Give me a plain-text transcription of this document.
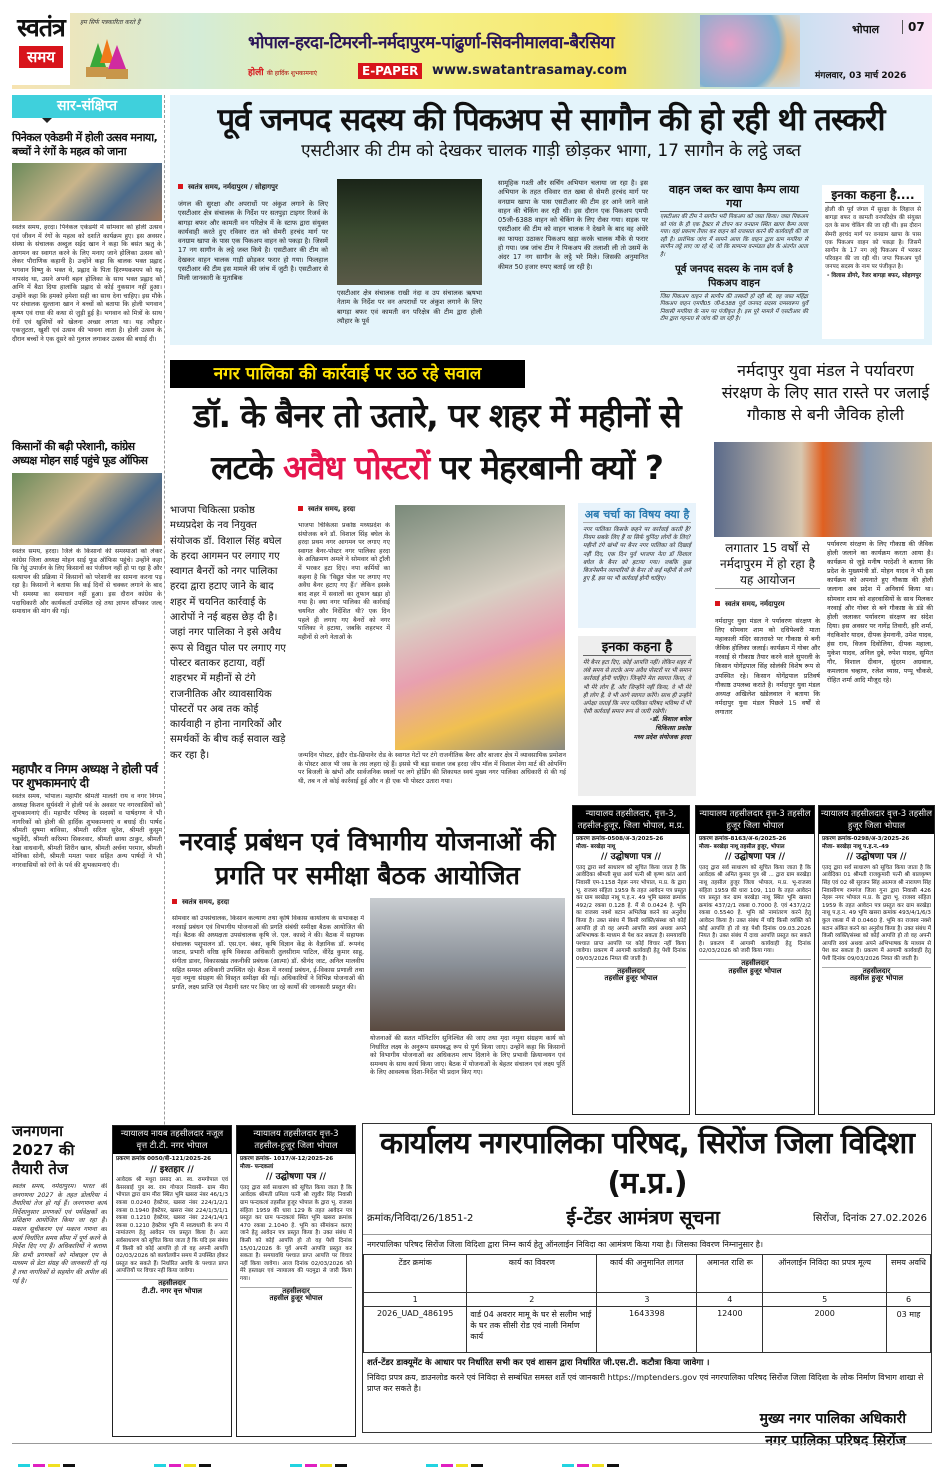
स्वतंत्र
समय
हम सिर्फ पत्रकारिता करते हैं
भोपाल-हरदा-टिमरनी-नर्मदापुरम-पांढुर्णा-सिवनीमालवा-बैरसिया
होली की हार्दिक शुभकामनाएं	E-PAPER	www.swatantrasamay.com
भोपाल	07
मंगलवार, 03 मार्च 2026
सार-संक्षिप्त
पिनेकल एकेडमी में होली उत्सव मनाया, बच्चों ने रंगों के महत्व को जाना
स्वतंत्र समय, हरदा। पिनेकल एकेडमी में सोमवार को होली उत्सव एवं जीवन में रंगों के महत्व को दर्शाते कार्यक्रम हुए। इस अवसर संस्था के संचालक अब्दुल सईद खान ने कहा कि बसंत ऋतु के आगमन का स्वागत करने के लिए मनाए जाने होलिका उत्सव को लेकर पौराणिक कहानी है। उन्होंने कहा कि बालक भक्त प्रह्लाद भगवान विष्णु के भक्त थे, प्रह्लाद के पिता हिरण्यकश्यप को यह नापसंद था, उसने अपनी बहन होलिका के साथ भक्त प्रह्लाद को अग्नि में बैठा दिया हालांकि प्रह्लाद से कोई नुकसान नहीं हुआ। उन्होंने कहा कि हमको हमेशा सही का साथ देना चाहिए। इस मौके पर संचालक सुल्ताना खान ने बच्चों को बताया कि होली भगवान कृष्ण एवं राधा की कथा से जुड़ी हुई है। भगवान को मित्रों के साथ रंगों एवं खुशियों को खेलना अच्छा लगता था। यह त्यौहार एकजुटता, खुशी एवं उत्सव की भावना लाता है। होली उत्सव के दौरान बच्चों ने एक दूसरे को गुलाल लगाकर उत्सव की बधाई दी।
किसानों की बढ़ी परेशानी, कांग्रेस अध्यक्ष मोहन साई पहुंचे फूड ऑफिस
स्वतंत्र समय, हरदा। जिले के किसानों की समस्याओं को लेकर कांग्रेस जिला अध्यक्ष मोहन साई फूड ऑफिस पहुंचे। उन्होंने कहा कि गेहूं उपार्जन के लिए किसानों का पंजीयन नहीं हो पा रहा है और सत्यापन की प्रक्रिया में किसानों को परेशानी का सामना करना पड़ रहा है। किसानों ने बताया कि कई दिनों से चक्कर लगाने के बाद भी समस्या का समाधान नहीं हुआ। इस दौरान कांग्रेस के पदाधिकारी और कार्यकर्ता उपस्थित रहे तथा ज्ञापन सौंपकर जल्द समाधान की मांग की गई।
महापौर व निगम अध्यक्ष ने होली पर्व पर शुभकामनाएं दी
स्वतंत्र समय, भोपाल। महापौर श्रीमती मालती राय व नगर निगम अध्यक्ष किशन सूर्यवंशी ने होली पर्व के अवसर पर नगरवासियों को शुभकामनाएं दीं। महापौर परिषद के सदस्यों व पार्षदगण ने भी नागरिकों को होली की हार्दिक शुभकामनाएं व बधाई दी। पार्षद श्रीमती सुषमा बाविसा, श्रीमती सरिता सुरेश, श्रीमती कुसुम चतुर्वेदी, श्रीमती करिश्मा सिकरवार, श्रीमती छाया ठाकुर, श्रीमती रेखा वाधवानी, श्रीमती शिरीन खान, श्रीमती अर्चना परमार, श्रीमती मोनिका सोनी, श्रीमती ममता पवार सहित अन्य पार्षदों ने भी नगरवासियों को रंगों के पर्व की शुभकामनाएं दी।
जनगणना 2027 की तैयारी तेज
स्वतंत्र समय, नर्मदापुरम। भारत की जनगणना 2027 के तहत डोलरिया में तैयारियां तेज हो गई हैं। जनगणना कार्य निर्देशानुसार प्रगणकों एवं पर्यवेक्षकों का प्रशिक्षण आयोजित किया जा रहा है। मकान सूचीकरण एवं मकान गणना का कार्य निर्धारित समय सीमा में पूर्ण करने के निर्देश दिए गए हैं। अधिकारियों ने बताया कि सभी प्रगणकों को मोबाइल एप के माध्यम से डेटा संग्रह की जानकारी दी गई है तथा नागरिकों से सहयोग की अपील की गई है।
पूर्व जनपद सदस्य की पिकअप से सागौन की हो रही थी तस्करी
एसटीआर की टीम को देखकर चालक गाड़ी छोड़कर भागा, 17 सागौन के लट्ठे जब्त
स्वतंत्र समय, नर्मदापुरम / सोहागपुर
जंगल की सुरक्षा और अपराधों पर अंकुश लगाने के लिए एसटीआर क्षेत्र संचालक के निर्देश पर सतपुड़ा टाइगर रिजर्व के बागड़ा बफर और कामती वन परिक्षेत्र में के स्टाफ द्वारा संयुक्त कार्यवाही करते हुए रविवार रात को सेमरी हरचंद मार्ग पर वनग्राम खापा के पास एक पिकअप वाहन को पकड़ा है। जिसमें 17 नग सागौन के लट्ठे जब्त किये है। एसटीआर की टीम को देखकर वाहन चालक गाड़ी छोड़कर फरार हो गया। फिलहाल एसटीआर की टीम इस मामले की जांच में जुटी है। एसटीआर से मिली जानकारी के मुताबिक
एसटीआर क्षेत्र संचालक राखी नंदा व उप संचालक ऋषभा नेताम के निर्देश पर वन अपराधों पर अंकुश लगाने के लिए बागड़ा बफर एवं कामती वन परिक्षेत्र की टीम द्वारा होली त्यौहार के पूर्व
सामूहिक गश्ती और सर्चिंग अभियान चलाया जा रहा है। इस अभियान के तहत रविवार रात खबा से सेमरी हरचंद मार्ग पर वनग्राम खापा के पास एसटीआर की टीम हर आने जाने वाले वाहन की चेकिंग कर रही थी। इस दौरान एक पिकअप एमपी 05जी-6388 वाहन को चेकिंग के लिए रोका गया। सड़क पर एसटीआर की टीम को वाहन चालक ने देखने के बाद वह अंधेरे का फायदा उठाकर पिकअप खड़ा करके चालक मौके से फरार हो गया। जब जांच टीम ने पिकअप की तलाशी ली तो उसमें के अंदर 17 नग सागौन के लट्ठे भरे मिले। जिसकी अनुमानित कीमत 50 हजार रुपए बताई जा रही है।
वाहन जब्त कर खापा कैम्प लाया गया
एसटीआर की टीम ने सागौन भरी पिकअप को जब्त किया। जब्त पिकअप को गांव के ही एक ट्रैक्टर से टोचन कर वनग्राम स्थित खापा कैम्प लाया गया। वहां प्रकरण तैयार कर वाहन को राजसात करने की कार्यवाही की जा रही है। प्रारंभिक जांच में सामने आया कि वाहन द्वारा ग्राम मगरिया से सागौन लट्ठे लाए जा रहे थे, जो कि सामान्य वनमंडल क्षेत्र के अंतर्गत आता है।
पूर्व जनपद सदस्य के नाम दर्ज है पिकअप वाहन
जिस पिकअप वाहन से सागौन की तस्करी हो रही थी, वह जब्त महिंद्रा पिकअप वाहन एमपी05 जी-6388 पूर्व जनपद सदस्य रामस्वरूप धुर्वे निवासी मगरिया के नाम पर पंजीकृत है। इस पूरे मामले में एसटीआर की टीम द्वारा गहनता से जांच की जा रही है।
इनका कहना है....
होली की पूर्व जंगल में सुरक्षा के लिहाज से बागड़ा बफर व कामती वनपरिक्षेत्र की संयुक्त दल के साथ चेकिंग की जा रही थी। इस दौरान सेमरी हरचंद मार्ग पर वनग्राम खापा के पास एक पिकअप वाहन को पकड़ा है। जिसमें सागौन के 17 नग लट्ठे पिकअप में भरकर परिवहन की जा रही थी। जप्त पिकअप पूर्व जनपद सदस्य के नाम पर पंजीकृत है।
- विलास डोंगरे, रेंजर बागड़ा बफर, सोहागपुर
नगर पालिका की कार्रवाई पर उठ रहे सवाल
डॉ. के बैनर तो उतारे, पर शहर में महीनों से लटके अवैध पोस्टरों पर मेहरबानी क्यों ?
भाजपा चिकित्सा प्रकोष्ठ मध्यप्रदेश के नव नियुक्त संयोजक डॉ. विशाल सिंह बघेल के हरदा आगमन पर लगाए गए स्वागत बैनरों को नगर पालिका हरदा द्वारा हटाए जाने के बाद शहर में चयनित कार्रवाई के आरोपों ने नई बहस छेड़ दी है। जहां नगर पालिका ने इसे अवैध रूप से विद्युत पोल पर लगाए गए पोस्टर बताकर हटाया, वहीं शहरभर में महीनों से टंगे राजनीतिक और व्यावसायिक पोस्टरों पर अब तक कोई कार्यवाही न होना नागरिकों और समर्थकों के बीच कई सवाल खड़े कर रहा है।
स्वतंत्र समय, हरदा
भाजपा चिकित्सा प्रकोष्ठ मध्यप्रदेश के संयोजक बने डॉ. विशाल सिंह बघेल के हरदा प्रथम नगर आगमन पर लगाए गए स्वागत बैनर-पोस्टर नगर पालिका हरदा के अतिक्रमण अमले ने सोमवार को ट्रॉली में भरकर हटा दिए। नपा कर्मियों का कहना है कि 'विद्युत पोल पर लगाए गए अवैध बैनर हटाए गए हैं।' लेकिन इसके बाद शहर में सवालों का तूफान खड़ा हो गया है। क्या नगर पालिका की कार्रवाई चयनित और निर्देशित थी? एक दिन पहले ही लगाए गए बैनरों को नगर पालिका ने हटाया, जबकि शहरभर में महीनों से लगे नेताओं के
जन्मदिन पोस्टर, इंदौर रोड-छिपानेर रोड के स्वागत गेटों पर टंगे राजनीतिक बैनर और बाजार क्षेत्र में व्यावसायिक प्रमोशन के पोस्टर आज भी जस के तस लहरा रहे हैं। इससे भी बड़ा सवाल जब हरदा जीप मॉल में विशाल मेगा मार्ट की ओपनिंग पर बिजली के खंभों और सार्वजनिक स्थलों पर लगे होर्डिंग की शिकायत स्वयं मुख्य नगर पालिका अधिकारी से की गई थी, तब न तो कोई कार्रवाई हुई और न ही एक भी पोस्टर उतारा गया।
अब चर्चा का विषय क्या है
नगर पालिका किसके कहने पर कार्रवाई करती है? नियम सबके लिए हैं या सिर्फ चुनिंदा लोगों के लिए? महीनों टंगे खंभों पर बैनर नगर पालिका को दिखाई नहीं दिए, एक दिन पूर्व भाजपा नेता डॉ विशाल बघेल के बैनर को हटाया गया। जबकि कुछ बिजनेसमैन व्यापारियों के बैनर तो कई महीनों से लगे हुए हैं, इस पर भी कार्रवाई होनी चाहिए।
इनका कहना है
मेरे बैनर हटा दिए, कोई आपत्ति नहीं। लेकिन शहर में लंबे समय से लटके अन्य अवैध पोस्टरों पर भी समान कार्रवाई होनी चाहिए। जिन्होंने मेरा स्वागत किया, वे भी मेरे लोग हैं, और जिन्होंने नहीं किया, वे भी मेरे ही लोग हैं, वे भी आगे स्वागत करेंगे। साथ ही उन्होंने अपेक्षा जताई कि नगर पालिका परिषद भविष्य में भी ऐसी कार्रवाई समान रूप से जारी रखेगी।
-डॉ. विशाल बघेल
चिकित्सा प्रकोष्ठ
मध्य प्रदेश संयोजक हरदा
नर्मदापुर युवा मंडल ने पर्यावरण संरक्षण के लिए सात रास्ते पर जलाई गौकाष्ठ से बनी जैविक होली
लगातार 15 वर्षों से नर्मदापुरम में हो रहा है यह आयोजन
स्वतंत्र समय, नर्मदापुरम
नर्मदापुर युवा मंडल ने पर्यावरण संरक्षण के लिए सोमवार शाम को दधिपेश्वरी माता महाकाली मंदिर सातरास्ते पर गौकाष्ठ से बनी जैविक होलिका जलाई। कार्यक्रम में गोबर और नरवाई से गौकाष्ठ तैयार करने वाले सुपरली के किसान योगेंद्रपाल सिंह सोलंकी विशेष रूप से उपस्थित रहे। किसान योगेंद्रपाल प्रतिवर्ष गौकाष्ठ उपलब्ध कराते है। नर्मदापुर युवा मंडल अध्यक्ष अखिलेश खंडेलवाल ने बताया कि नर्मदापुर युवा मंडल पिछले 15 वर्षों से लगातार
पर्यावरण संरक्षण के लिए गौकाष्ठ की जैविक होली जलाने का कार्यक्रम करता आया है। कार्यक्रम से जुड़े मनीष परदेशी ने बताया कि प्रदेश के मुख्यमंत्री डॉ. मोहन यादव ने भी इस कार्यक्रम को अपनाते हुए गौकाष्ठ की होली जलाना अब प्रदेश में अनिवार्य किया था। सोमवार शाम को शहरवासियों के साथ मिलकर नरवाई और गोबर से बने गौकाष्ठ के डंडे की होली जलाकर पर्यावरण संरक्षण का संदेश दिया। इस अवसर पर नागेंद्र तिवारी, हरि शर्मा, नंदकिशोर यादव, दीपक हेमनानी, उमेश यादव, हंस राय, विजय दिवोलिया, दीपक महाला, मुकेश यादव, अनिल दुबे, रुपेश यादव, सुमित गौर, विशाल दीवान, सुंदरम अग्रवाल, कमलराव चव्हाण, रजेश व्यास, पप्पू चौकसे, रोहित शर्मा आदि मौजूद रहे।
नरवाई प्रबंधन एवं विभागीय योजनाओं की प्रगति पर समीक्षा बैठक आयोजित
स्वतंत्र समय, हरदा
सोमवार को उपसंचालक, किसान कल्याण तथा कृषि विकास कार्यालय के सभाकक्ष में नरवाई प्रबंधन एवं विभागीय योजनाओं की प्रगति संबंधी समीक्षा बैठक आयोजित की गई। बैठक की अध्यक्षता उपसंचालक कृषि जे. एल. कास्दे ने की। बैठक में सहायक संचालक पशुपालन डॉ. एस.एन. बंका, कृषि विज्ञान केंद्र के वैज्ञानिक डॉ. रूपनंद जाटव, प्रभारी वरिष्ठ कृषि विकास अधिकारी तुलसीराम पाटिल, वीरेंद्र कुमार साहू, संगीता डावर, विकासखंड तकनीकी प्रबंधक (आत्मा) डॉ. श्रीनंद जाट, अनिल मालवीय सहित समस्त अधिकारी उपस्थित रहे। बैठक में नरवाई प्रबंधन, ई-विकास प्रणाली तथा मृदा नमूना संग्रहण की विस्तृत समीक्षा की गई। अधिकारियों ने विभिन्न योजनाओं की प्रगति, लक्ष्य प्राप्ति एवं मैदानी स्तर पर किए जा रहे कार्यों की जानकारी प्रस्तुत की।
योजनाओं की सतत मॉनिटरिंग सुनिश्चित की जाए तथा मृदा नमूना संग्रहण कार्य को निर्धारित लक्ष्य के अनुरूप समयबद्ध रूप से पूर्ण किया जाए। उन्होंने कहा कि किसानों को विभागीय योजनाओं का अधिकतम लाभ दिलाने के लिए प्रभावी क्रियान्वयन एवं समन्वय के साथ कार्य किया जाए। बैठक में योजनाओं के बेहतर संचालन एवं लक्ष्य पूर्ति के लिए आवश्यक दिशा-निर्देश भी प्रदान किए गए।
न्यायालय तहसीलदार, वृत्त-3, तहसील-हुजूर, जिला भोपाल, म.प्र.
प्रकरण क्रमांक-0508/अ-3/2025-26
मौजा- बरखेड़ा नाथू
// उद्घोषणा पत्र //
एतद् द्वारा सर्व साधारण को सूचित किया जाता है कि आवेदिका श्रीमती सुधा आर्य पत्नी श्री कृष्ण कांत आर्य निवासी एम-1158 नेहरू नगर भोपाल, म.प्र. के द्वारा भू. राजस्व संहिता 1959 के तहत आवेदन पत्र प्रस्तुत कर ग्राम बरखेड़ा नाथू प.ह.न. 49 भूमि खसरा क्रमांक 492/2 रकबा 0.128 हे. में से 0.0424 हे. भूमि का राजस्व नक्शे बटान अभिलेख करने का अनुरोध किया है। उक्त संबंध में किसी व्यक्ति/संस्था को कोई आपत्ति हो तो वह अपनी आपत्ति स्वयं अथवा अपने अभिभाषक के माध्यम से पेश कर सकता है। समयावधि पश्चात प्राप्त आपत्ति पर कोई विचार नहीं किया जावेगा। प्रकरण में आगामी कार्यवाही हेतु पेशी दिनांक 09/03/2026 नियत की जाती है।
तहसीलदार
तहसील हुजूर भोपाल
न्यायालय तहसीलदार वृत्त-3 तहसील हुजूर जिला भोपाल
प्रकरण क्रमांक-8163/अ-6/2025-26
मौजा- बरखेड़ा नाथू तहसील हुजूर, भोपाल
// उद्घोषणा पत्र //
एतद् द्वारा सर्व साधारण को सूचित किया जाता है कि आवेदक श्री अमित कुमार पुत्र श्री ... द्वारा ग्राम बरखेड़ा नाथू तहसील हुजूर जिला भोपाल, म.प्र. भू-राजस्व संहिता 1959 की धारा 109, 110 के तहत आवेदन पत्र प्रस्तुत कर ग्राम बरखेड़ा नाथू स्थित भूमि खसरा क्रमांक 437/2/1 रकबा 0.7000 हे. एवं 437/2/2 रकबा 0.5540 हे. भूमि को नामांतरण करने हेतु आवेदन किया है। उक्त संबंध में यदि किसी व्यक्ति को कोई आपत्ति हो तो वह पेशी दिनांक 09.03.2026 नियत है। उक्त संबंध में दावा आपत्ति प्रस्तुत कर सकते है। प्रकरण में आगामी कार्यवाही हेतु दिनांक 02/03/2026 को जारी किया गया।
तहसीलदार
तहसील हुजूर भोपाल
न्यायालय तहसीलदार वृत्त-3 तहसील हुजूर जिला भोपाल
प्रकरण क्रमांक-0298/अ-3/2025-26
मौजा- बरखेड़ा नाथू प.ह.न.-49
// उद्घोषणा पत्र //
एतद् द्वारा सर्व साधारण को सूचित किया जाता है कि आवेदिका 01 श्रीमती राजकुमारी पत्नी श्री बालकृष्ण सिंह एवं 02 श्री सुरजन सिंह आत्मज श्री नारायण सिंह निवासीगण रामगंज जिला गुना द्वारा निवासी 426 नेहरू नगर भोपाल म.प्र. के द्वारा भू. राजस्व संहिता 1959 के तहत आवेदन पत्र प्रस्तुत कर ग्राम बरखेड़ा नाथू प.ह.न. 49 भूमि खसरा क्रमांक 493/4/1/6/3 कुल रकबा में से 0.0460 हे. भूमि का राजस्व नक्शे बटान अंकित करने का अनुरोध किया है। उक्त संबंध में किसी व्यक्ति/संस्था को कोई आपत्ति हो तो वह अपनी आपत्ति स्वयं अथवा अपने अभिभाषक के माध्यम से पेश कर सकता है। प्रकरण में आगामी कार्यवाही हेतु पेशी दिनांक 09/03/2026 नियत की जाती है।
तहसीलदार
तहसील हुजूर भोपाल
न्यायालय नायब तहसीलदार नजूल वृत्त टी.टी. नगर भोपाल
प्रकरण क्रमांक 0050/बी-121/2025-26
// इश्तहार //
आवेदक श्री मधुरा प्रसाद आ. स्व. रामगोपाल एवं केसरबाई पुत्र स्व. राम गोपाल निवासी- ग्राम मीरा भोपाल द्वारा ग्राम मीरा स्थित भूमि खसरा नंबर 46/1/3 रकबा 0.0240 हेक्टेयर, खसरा नंबर 224/1/2/1 रकबा 0.1940 हेक्टेयर, खसरा नंबर 224/1/3/1/1 रकबा 0.1210 हेक्टेयर, खसरा नंबर 224/1/4/1 रकबा 0.1210 हेक्टेयर भूमि में स्वत्वधारी के रूप में नामांतरण हेतु आवेदन पत्र प्रस्तुत किया है। अतः सर्वसाधारण को सूचित किया जाता है कि यदि इस संबंध में किसी को कोई आपत्ति हो तो वह अपनी आपत्ति 02/03/2026 को कार्यालयीन समय में उपस्थित होकर प्रस्तुत कर सकते हैं। निर्धारित अवधि के पश्चात प्राप्त आपत्तियों पर विचार नहीं किया जावेगा।
तहसीलदार
टी.टी. नगर वृत्त भोपाल
न्यायालय तहसीलदार वृत्त-3 तहसील-हुजूर जिला भोपाल
प्रकरण क्रमांक- 1017/अ-12/2025-26
मौजा- फन्दकलां
// उद्घोषणा पत्र //
एतद् द्वारा सर्व साधारण को सूचित किया जाता है कि आवेदक श्रीमती प्रमिला पत्नी श्री रघुवीर सिंह निवासी ग्राम फन्दकलां तहसील हुजूर भोपाल के द्वारा भू. राजस्व संहिता 1959 की धारा 129 के तहत आवेदन पत्र प्रस्तुत कर ग्राम फन्दकलां स्थित भूमि खसरा क्रमांक 470 रकबा 2.1040 हे. भूमि का सीमांकन कराए जाने हेतु आवेदन पत्र प्रस्तुत किया है। उक्त संबंध में किसी को कोई आपत्ति हो तो वह पेशी दिनांक 15/01/2026 के पूर्व अपनी आपत्ति प्रस्तुत कर सकता है। समयावधि पश्चात प्राप्त आपत्ति पर विचार नहीं किया जावेगा। आज दिनांक 02/03/2026 को मेरे हस्ताक्षर एवं न्यायालय की पदमुद्रा से जारी किया गया।
तहसीलदार
तहसील हुजूर भोपाल
कार्यालय नगरपालिका परिषद, सिरोंज जिला विदिशा (म.प्र.)
क्रमांक/निविदा/26/1851-2	ई-टेंडर आमंत्रण सूचना	सिरोंज, दिनांक 27.02.2026
नगरपालिका परिषद सिरोंज जिला विदिशा द्वारा निम्न कार्य हेतु ऑनलाईन निविदा का आमंत्रण किया गया है। जिसका विवरण निम्नानुसार है।
टेंडर क्रमांक	कार्य का विवरण	कार्य की अनुमानित लागत	अमानत राशि रू	ऑनलाईन निविदा का प्रपत्र मूल्य	समय अवधि
1	2	3	4	5	6
2026_UAD_486195	वार्ड 04 अवरार मामू के घर से सलीम भाई के घर तक सीसी रोड एवं नाली निर्माण कार्य	1643398	12400	2000	03 माह
शर्त-टेंडर डाक्यूमेंट के आधार पर निर्धारित सभी कर एवं शासन द्वारा निर्धारित जी.एस.टी. कटौत्रा किया जावेगा ।
निविदा प्रपत्र क्रय, डाउनलोड करने एवं निविदा से सम्बंधित समस्त शर्ते एवं जानकारी https://mptenders.gov एवं नगरपालिका परिषद सिरोंज जिला विदिशा के लोक निर्माण विभाग शाखा से प्राप्त कर सकते है।
मुख्य नगर पालिका अधिकारी
नगर पालिका परिषद सिरोंज
